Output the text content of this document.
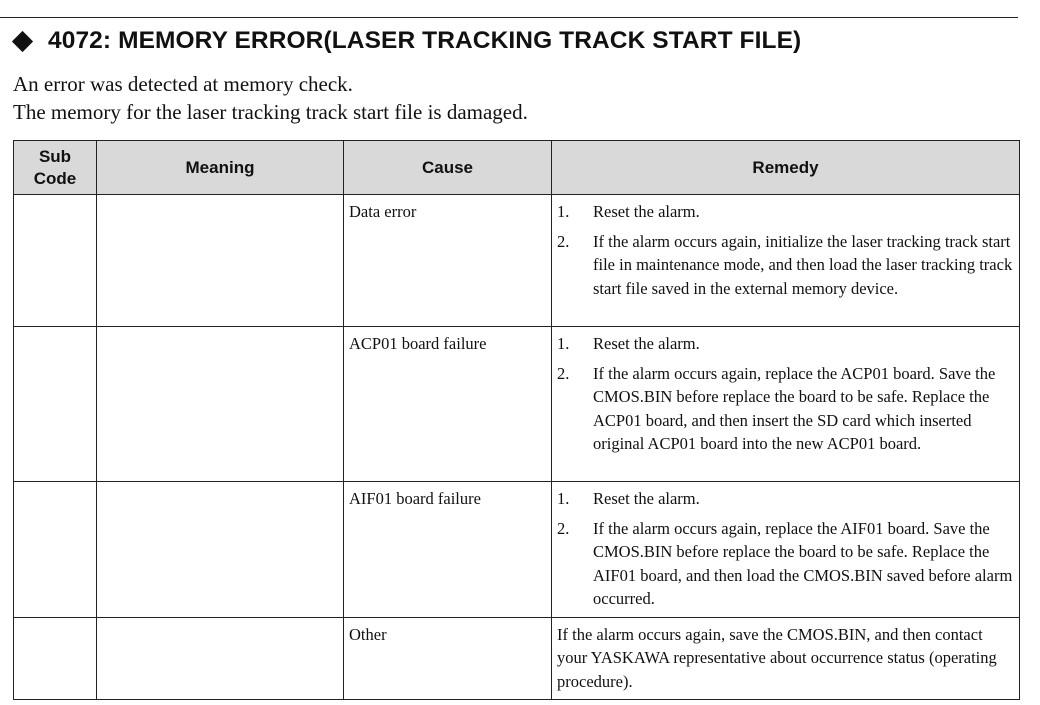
4072: MEMORY ERROR(LASER TRACKING TRACK START FILE)
An error was detected at memory check.
The memory for the laser tracking track start file is damaged.
Sub
Code	Meaning	Cause	Remedy
		Data error	1. Reset the alarm.
2. If the alarm occurs again, initialize the laser tracking track start file in maintenance mode, and then load the laser tracking track start file saved in the external memory device.

		ACP01 board failure	1. Reset the alarm.
2. If the alarm occurs again, replace the ACP01 board. Save the CMOS.BIN before replace the board to be safe. Replace the ACP01 board, and then insert the SD card which inserted original ACP01 board into the new ACP01 board.

		AIF01 board failure	1. Reset the alarm.
2. If the alarm occurs again, replace the AIF01 board. Save the CMOS.BIN before replace the board to be safe. Replace the AIF01 board, and then load the CMOS.BIN saved before alarm occurred.

		Other	If the alarm occurs again, save the CMOS.BIN, and then contact your YASKAWA representative about occurrence status (operating procedure).
